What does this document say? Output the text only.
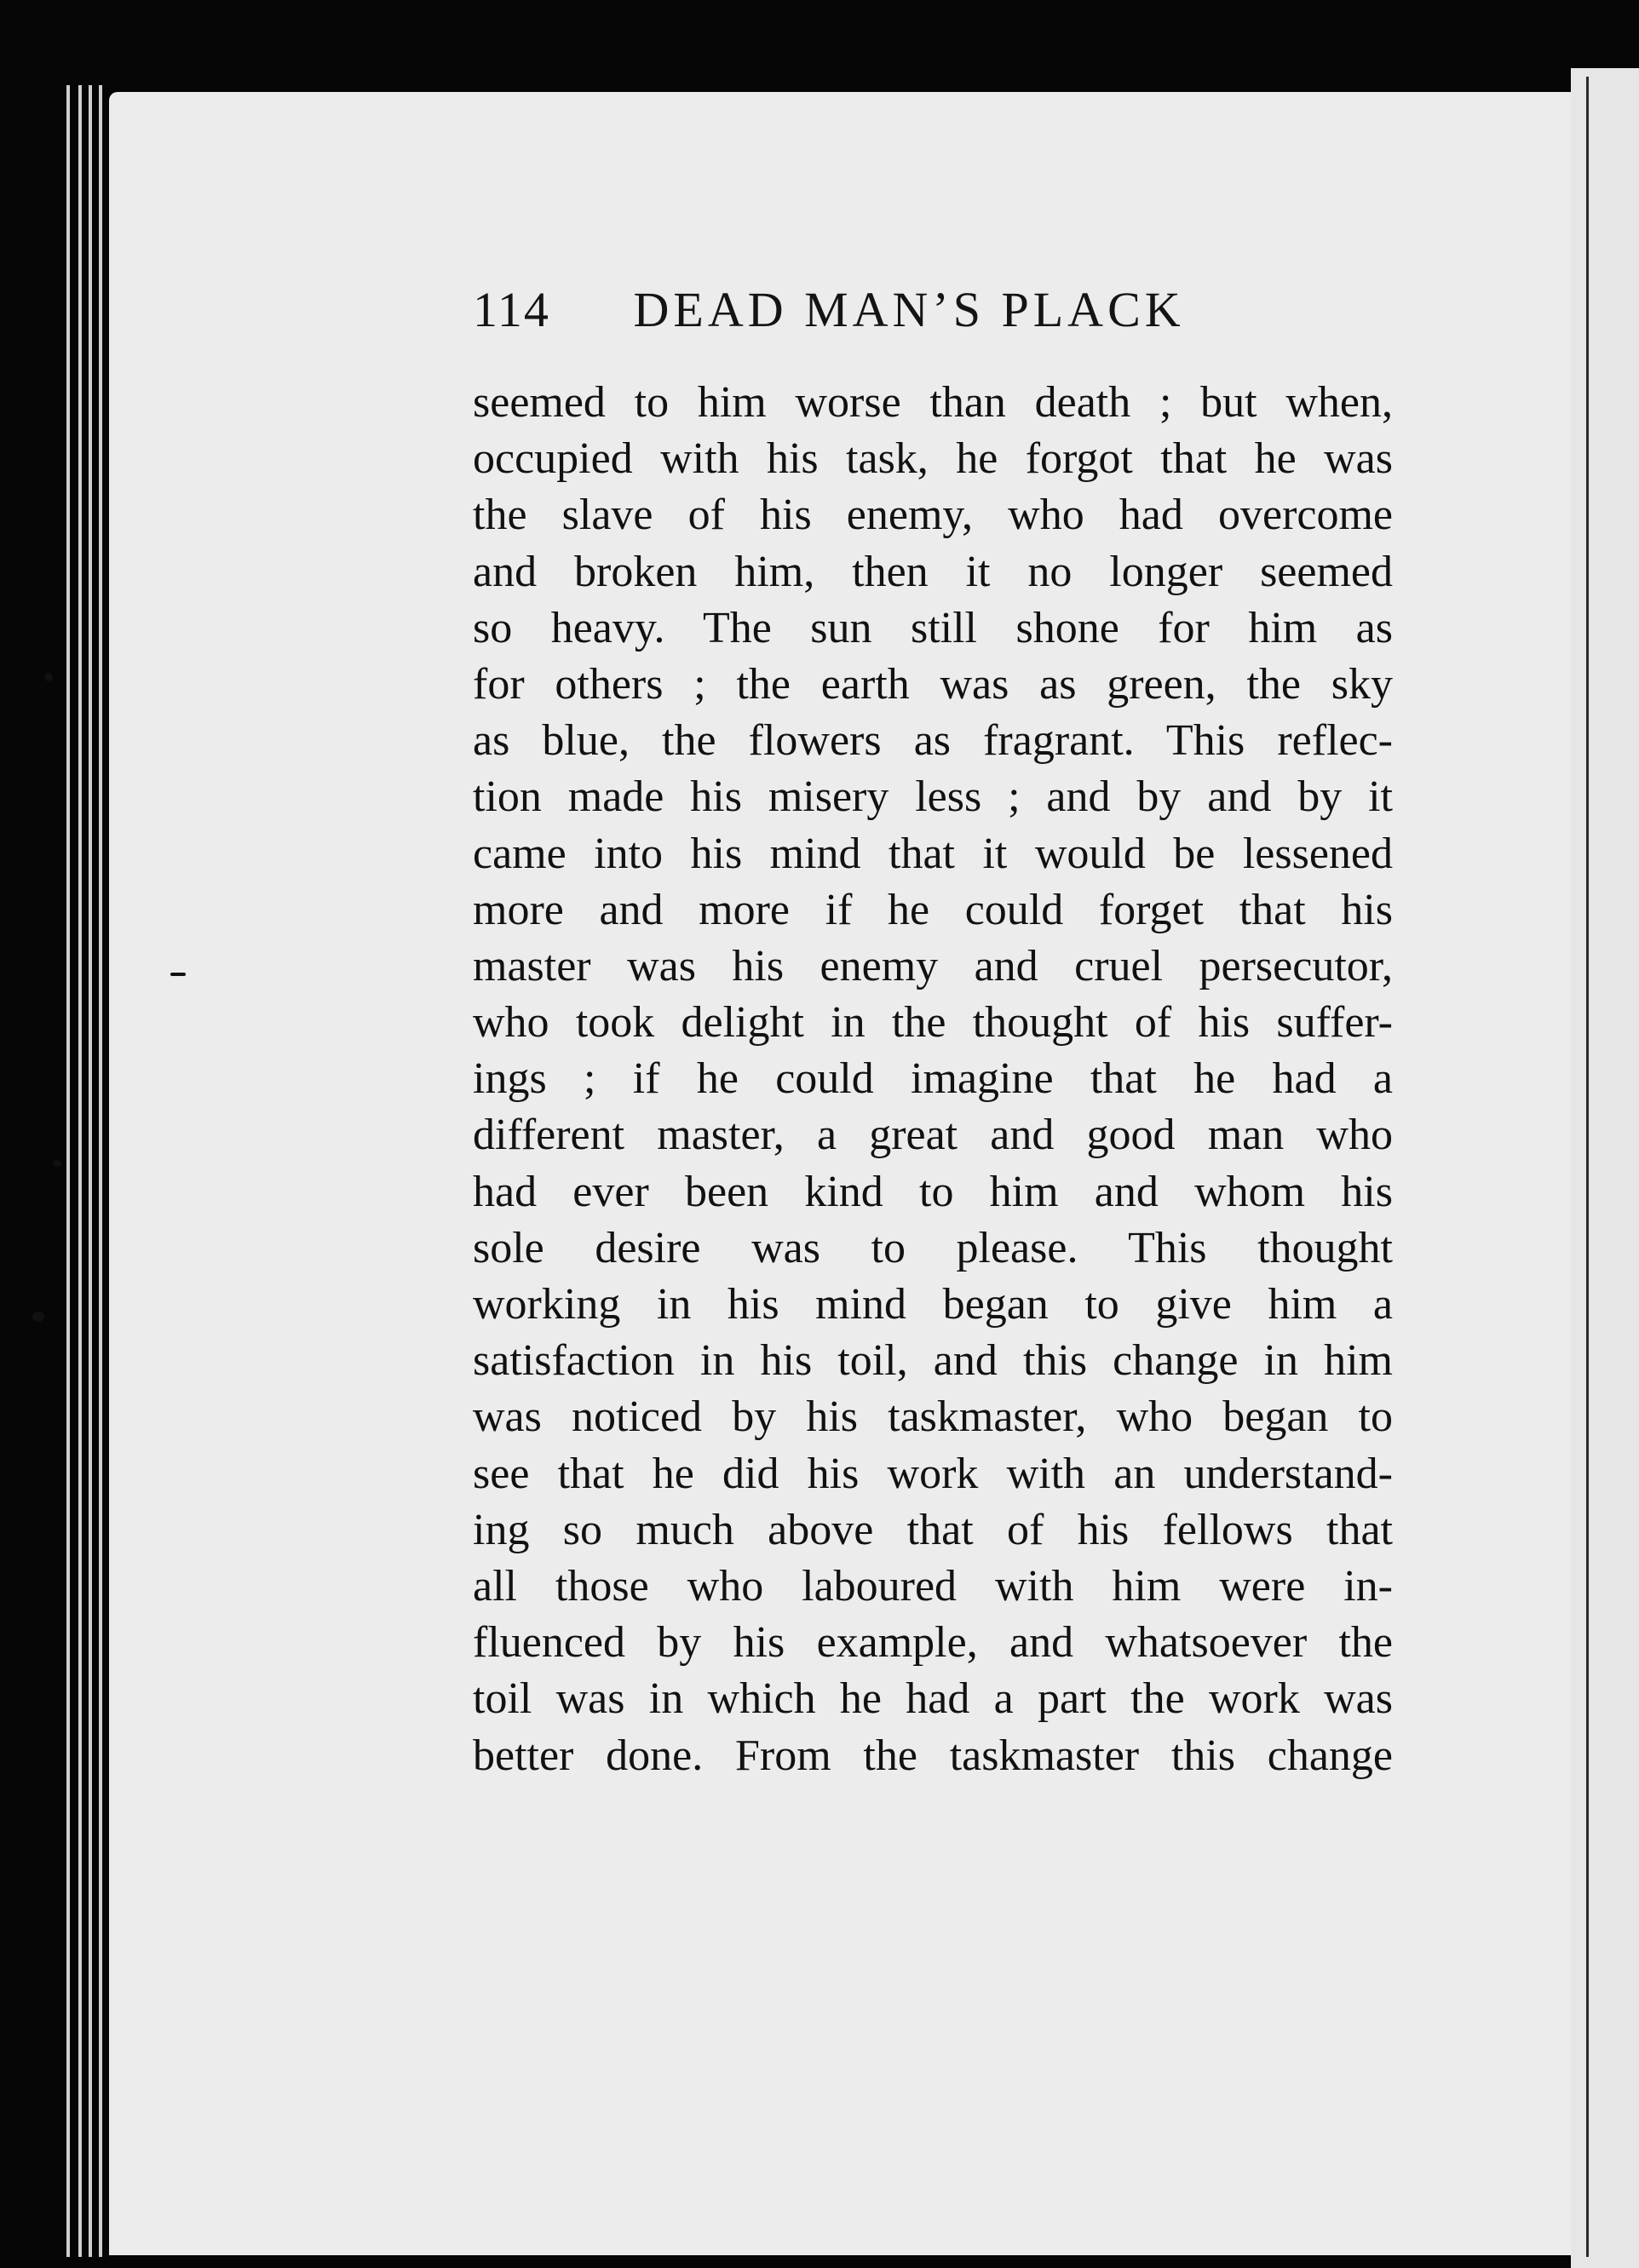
114 DEAD MAN’S PLACK
seemed to him worse than death ; but when,
occupied with his task, he forgot that he was
the slave of his enemy, who had overcome
and broken him, then it no longer seemed
so heavy. The sun still shone for him as
for others ; the earth was as green, the sky
as blue, the flowers as fragrant. This reflec-
tion made his misery less ; and by and by it
came into his mind that it would be lessened
more and more if he could forget that his
master was his enemy and cruel persecutor,
who took delight in the thought of his suffer-
ings ; if he could imagine that he had a
different master, a great and good man who
had ever been kind to him and whom his
sole desire was to please. This thought
working in his mind began to give him a
satisfaction in his toil, and this change in him
was noticed by his taskmaster, who began to
see that he did his work with an understand-
ing so much above that of his fellows that
all those who laboured with him were in-
fluenced by his example, and whatsoever the
toil was in which he had a part the work was
better done. From the taskmaster this change
